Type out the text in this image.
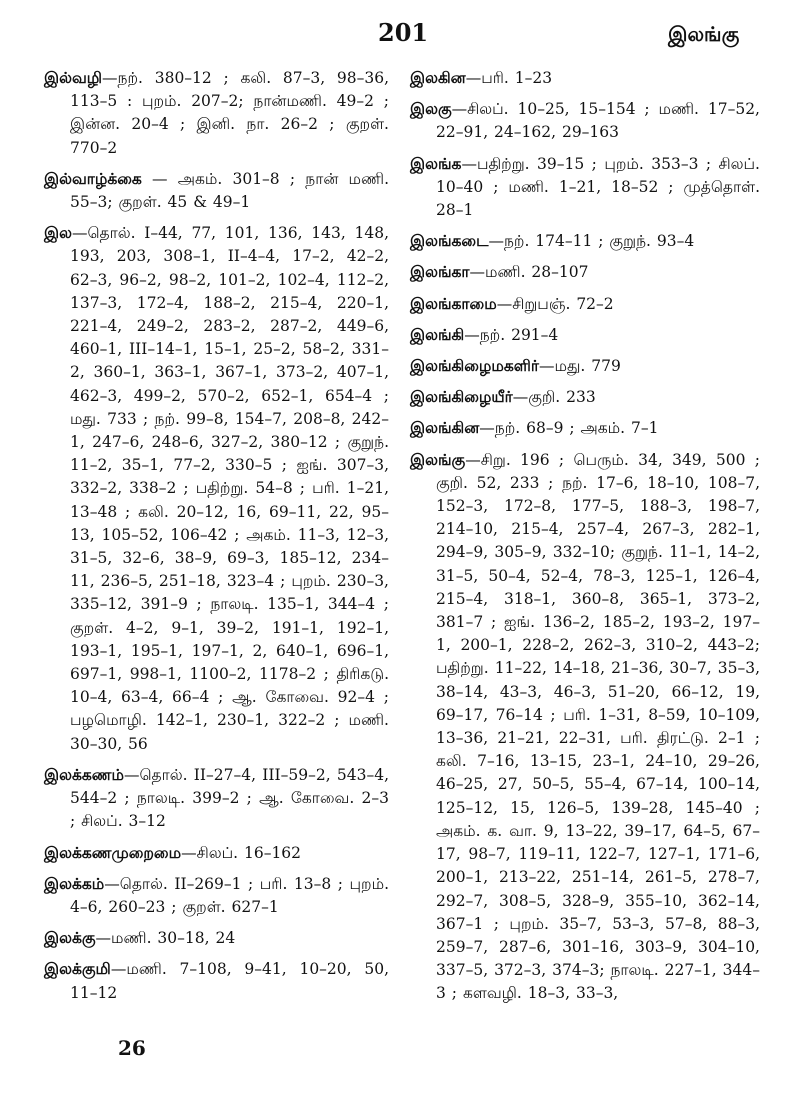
201	இலங்கு

இல்வழி—நற். 380–12 ; கலி. 87–3, 98–36, 113–5 : புறம். 207–2; நான்மணி. 49–2 ; இன்ன. 20–4 ; இனி. நா. 26–2 ; குறள். 770–2

இல்வாழ்க்கை — அகம். 301–8 ; நான் மணி. 55–3; குறள். 45 & 49–1

இல—தொல். I–44, 77, 101, 136, 143, 148, 193, 203, 308–1, II–4–4, 17–2, 42–2, 62–3, 96–2, 98–2, 101–2, 102–4, 112–2, 137–3, 172–4, 188–2, 215–4, 220–1, 221–4, 249–2, 283–2, 287–2, 449–6, 460–1, III–14–1, 15–1, 25–2, 58–2, 331–2, 360–1, 363–1, 367–1, 373–2, 407–1, 462–3, 499–2, 570–2, 652–1, 654–4 ; மது. 733 ; நற். 99–8, 154–7, 208–8, 242–1, 247–6, 248–6, 327–2, 380–12 ; குறுந். 11–2, 35–1, 77–2, 330–5 ; ஐங். 307–3, 332–2, 338–2 ; பதிற்று. 54–8 ; பரி. 1–21, 13–48 ; கலி. 20–12, 16, 69–11, 22, 95–13, 105–52, 106–42 ; அகம். 11–3, 12–3, 31–5, 32–6, 38–9, 69–3, 185–12, 234–11, 236–5, 251–18, 323–4 ; புறம். 230–3, 335–12, 391–9 ; நாலடி. 135–1, 344–4 ; குறள். 4–2, 9–1, 39–2, 191–1, 192–1, 193–1, 195–1, 197–1, 2, 640–1, 696–1, 697–1, 998–1, 1100–2, 1178–2 ; திரிகடு. 10–4, 63–4, 66–4 ; ஆ. கோவை. 92–4 ; பழமொழி. 142–1, 230–1, 322–2 ; மணி. 30–30, 56

இலக்கணம்—தொல். II–27–4, III–59–2, 543–4, 544–2 ; நாலடி. 399–2 ; ஆ. கோவை. 2–3 ; சிலப். 3–12

இலக்கணமுறைமை—சிலப். 16–162

இலக்கம்—தொல். II–269–1 ; பரி. 13–8 ; புறம். 4–6, 260–23 ; குறள். 627–1

இலக்கு—மணி. 30–18, 24

இலக்குமி—மணி. 7–108, 9–41, 10–20, 50, 11–12

இலகின—பரி. 1–23

இலகு—சிலப். 10–25, 15–154 ; மணி. 17–52, 22–91, 24–162, 29–163

இலங்க—பதிற்று. 39–15 ; புறம். 353–3 ; சிலப். 10–40 ; மணி. 1–21, 18–52 ; முத்தொள். 28–1

இலங்கடை—நற். 174–11 ; குறுந். 93–4

இலங்கா—மணி. 28–107

இலங்காமை—சிறுபஞ். 72–2

இலங்கி—நற். 291–4

இலங்கிழைமகளிர்—மது. 779

இலங்கிழையீர்—குறி. 233

இலங்கின—நற். 68–9 ; அகம். 7–1

இலங்கு—சிறு. 196 ; பெரும். 34, 349, 500 ; குறி. 52, 233 ; நற். 17–6, 18–10, 108–7, 152–3, 172–8, 177–5, 188–3, 198–7, 214–10, 215–4, 257–4, 267–3, 282–1, 294–9, 305–9, 332–10; குறுந். 11–1, 14–2, 31–5, 50–4, 52–4, 78–3, 125–1, 126–4, 215–4, 318–1, 360–8, 365–1, 373–2, 381–7 ; ஐங். 136–2, 185–2, 193–2, 197–1, 200–1, 228–2, 262–3, 310–2, 443–2; பதிற்று. 11–22, 14–18, 21–36, 30–7, 35–3, 38–14, 43–3, 46–3, 51–20, 66–12, 19, 69–17, 76–14 ; பரி. 1–31, 8–59, 10–109, 13–36, 21–21, 22–31, பரி. திரட்டு. 2–1 ; கலி. 7–16, 13–15, 23–1, 24–10, 29–26, 46–25, 27, 50–5, 55–4, 67–14, 100–14, 125–12, 15, 126–5, 139–28, 145–40 ; அகம். க. வா. 9, 13–22, 39–17, 64–5, 67–17, 98–7, 119–11, 122–7, 127–1, 171–6, 200–1, 213–22, 251–14, 261–5, 278–7, 292–7, 308–5, 328–9, 355–10, 362–14, 367–1 ; புறம். 35–7, 53–3, 57–8, 88–3, 259–7, 287–6, 301–16, 303–9, 304–10, 337–5, 372–3, 374–3; நாலடி. 227–1, 344–3 ; களவழி. 18–3, 33–3,

26
